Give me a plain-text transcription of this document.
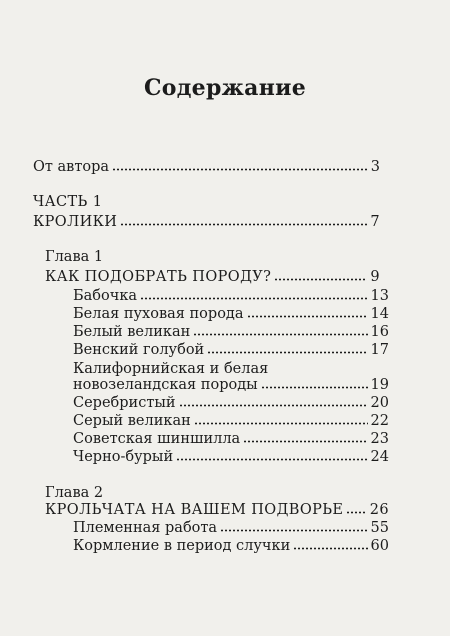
Содержание
От автора	3
ЧАСТЬ 1
КРОЛИКИ	7
Глава 1
КАК ПОДОБРАТЬ ПОРОДУ?	9
Бабочка	13
Белая пуховая порода	14
Белый великан	16
Венский голубой	17
Калифорнийская и белая
новозеландская породы	19
Серебристый	20
Серый великан	22
Советская шиншилла	23
Черно-бурый	24
Глава 2
КРОЛЬЧАТА НА ВАШЕМ ПОДВОРЬЕ 26
Племенная работа	55
Кормление в период случки	60
